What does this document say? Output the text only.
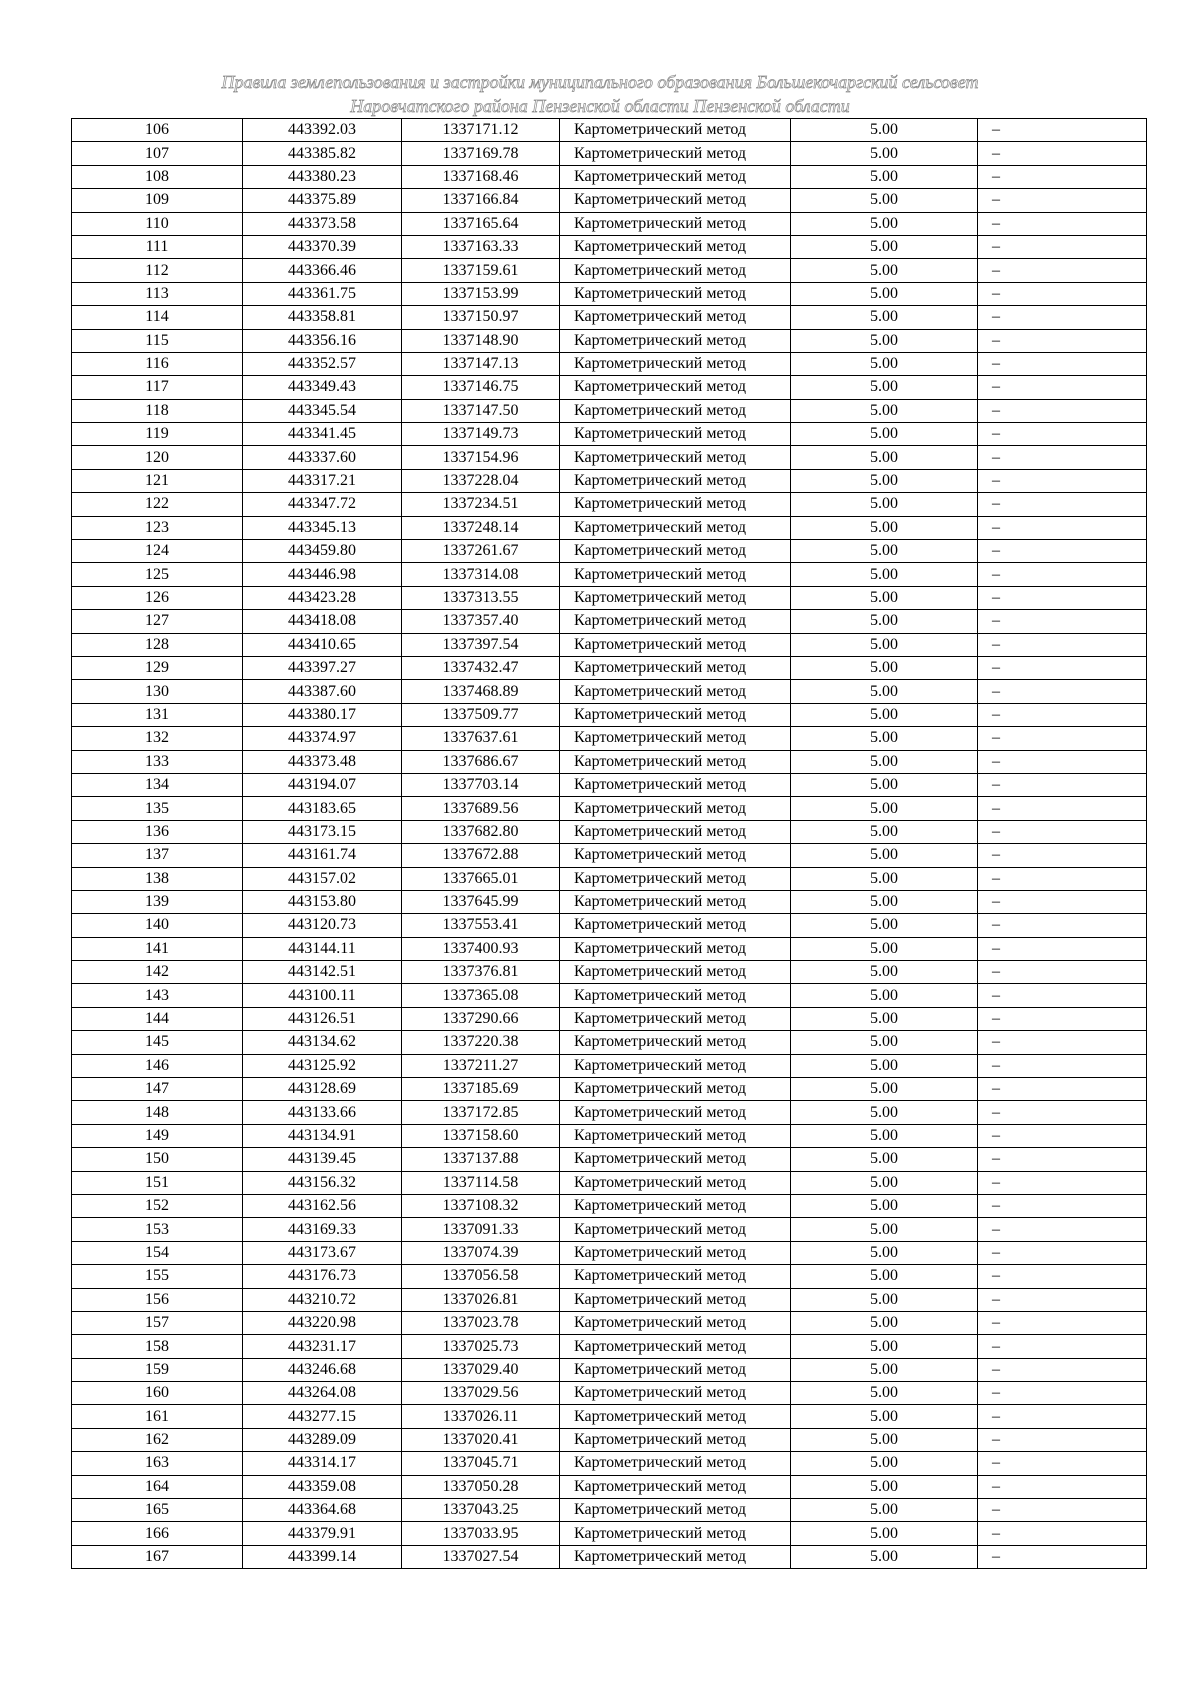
Правила землепользования и застройки муниципального образования Большекочаргский сельсовет
Наровчатского района Пензенской области Пензенской области
106	443392.03	1337171.12	Картометрический метод	5.00	–
107	443385.82	1337169.78	Картометрический метод	5.00	–
108	443380.23	1337168.46	Картометрический метод	5.00	–
109	443375.89	1337166.84	Картометрический метод	5.00	–
110	443373.58	1337165.64	Картометрический метод	5.00	–
111	443370.39	1337163.33	Картометрический метод	5.00	–
112	443366.46	1337159.61	Картометрический метод	5.00	–
113	443361.75	1337153.99	Картометрический метод	5.00	–
114	443358.81	1337150.97	Картометрический метод	5.00	–
115	443356.16	1337148.90	Картометрический метод	5.00	–
116	443352.57	1337147.13	Картометрический метод	5.00	–
117	443349.43	1337146.75	Картометрический метод	5.00	–
118	443345.54	1337147.50	Картометрический метод	5.00	–
119	443341.45	1337149.73	Картометрический метод	5.00	–
120	443337.60	1337154.96	Картометрический метод	5.00	–
121	443317.21	1337228.04	Картометрический метод	5.00	–
122	443347.72	1337234.51	Картометрический метод	5.00	–
123	443345.13	1337248.14	Картометрический метод	5.00	–
124	443459.80	1337261.67	Картометрический метод	5.00	–
125	443446.98	1337314.08	Картометрический метод	5.00	–
126	443423.28	1337313.55	Картометрический метод	5.00	–
127	443418.08	1337357.40	Картометрический метод	5.00	–
128	443410.65	1337397.54	Картометрический метод	5.00	–
129	443397.27	1337432.47	Картометрический метод	5.00	–
130	443387.60	1337468.89	Картометрический метод	5.00	–
131	443380.17	1337509.77	Картометрический метод	5.00	–
132	443374.97	1337637.61	Картометрический метод	5.00	–
133	443373.48	1337686.67	Картометрический метод	5.00	–
134	443194.07	1337703.14	Картометрический метод	5.00	–
135	443183.65	1337689.56	Картометрический метод	5.00	–
136	443173.15	1337682.80	Картометрический метод	5.00	–
137	443161.74	1337672.88	Картометрический метод	5.00	–
138	443157.02	1337665.01	Картометрический метод	5.00	–
139	443153.80	1337645.99	Картометрический метод	5.00	–
140	443120.73	1337553.41	Картометрический метод	5.00	–
141	443144.11	1337400.93	Картометрический метод	5.00	–
142	443142.51	1337376.81	Картометрический метод	5.00	–
143	443100.11	1337365.08	Картометрический метод	5.00	–
144	443126.51	1337290.66	Картометрический метод	5.00	–
145	443134.62	1337220.38	Картометрический метод	5.00	–
146	443125.92	1337211.27	Картометрический метод	5.00	–
147	443128.69	1337185.69	Картометрический метод	5.00	–
148	443133.66	1337172.85	Картометрический метод	5.00	–
149	443134.91	1337158.60	Картометрический метод	5.00	–
150	443139.45	1337137.88	Картометрический метод	5.00	–
151	443156.32	1337114.58	Картометрический метод	5.00	–
152	443162.56	1337108.32	Картометрический метод	5.00	–
153	443169.33	1337091.33	Картометрический метод	5.00	–
154	443173.67	1337074.39	Картометрический метод	5.00	–
155	443176.73	1337056.58	Картометрический метод	5.00	–
156	443210.72	1337026.81	Картометрический метод	5.00	–
157	443220.98	1337023.78	Картометрический метод	5.00	–
158	443231.17	1337025.73	Картометрический метод	5.00	–
159	443246.68	1337029.40	Картометрический метод	5.00	–
160	443264.08	1337029.56	Картометрический метод	5.00	–
161	443277.15	1337026.11	Картометрический метод	5.00	–
162	443289.09	1337020.41	Картометрический метод	5.00	–
163	443314.17	1337045.71	Картометрический метод	5.00	–
164	443359.08	1337050.28	Картометрический метод	5.00	–
165	443364.68	1337043.25	Картометрический метод	5.00	–
166	443379.91	1337033.95	Картометрический метод	5.00	–
167	443399.14	1337027.54	Картометрический метод	5.00	–
